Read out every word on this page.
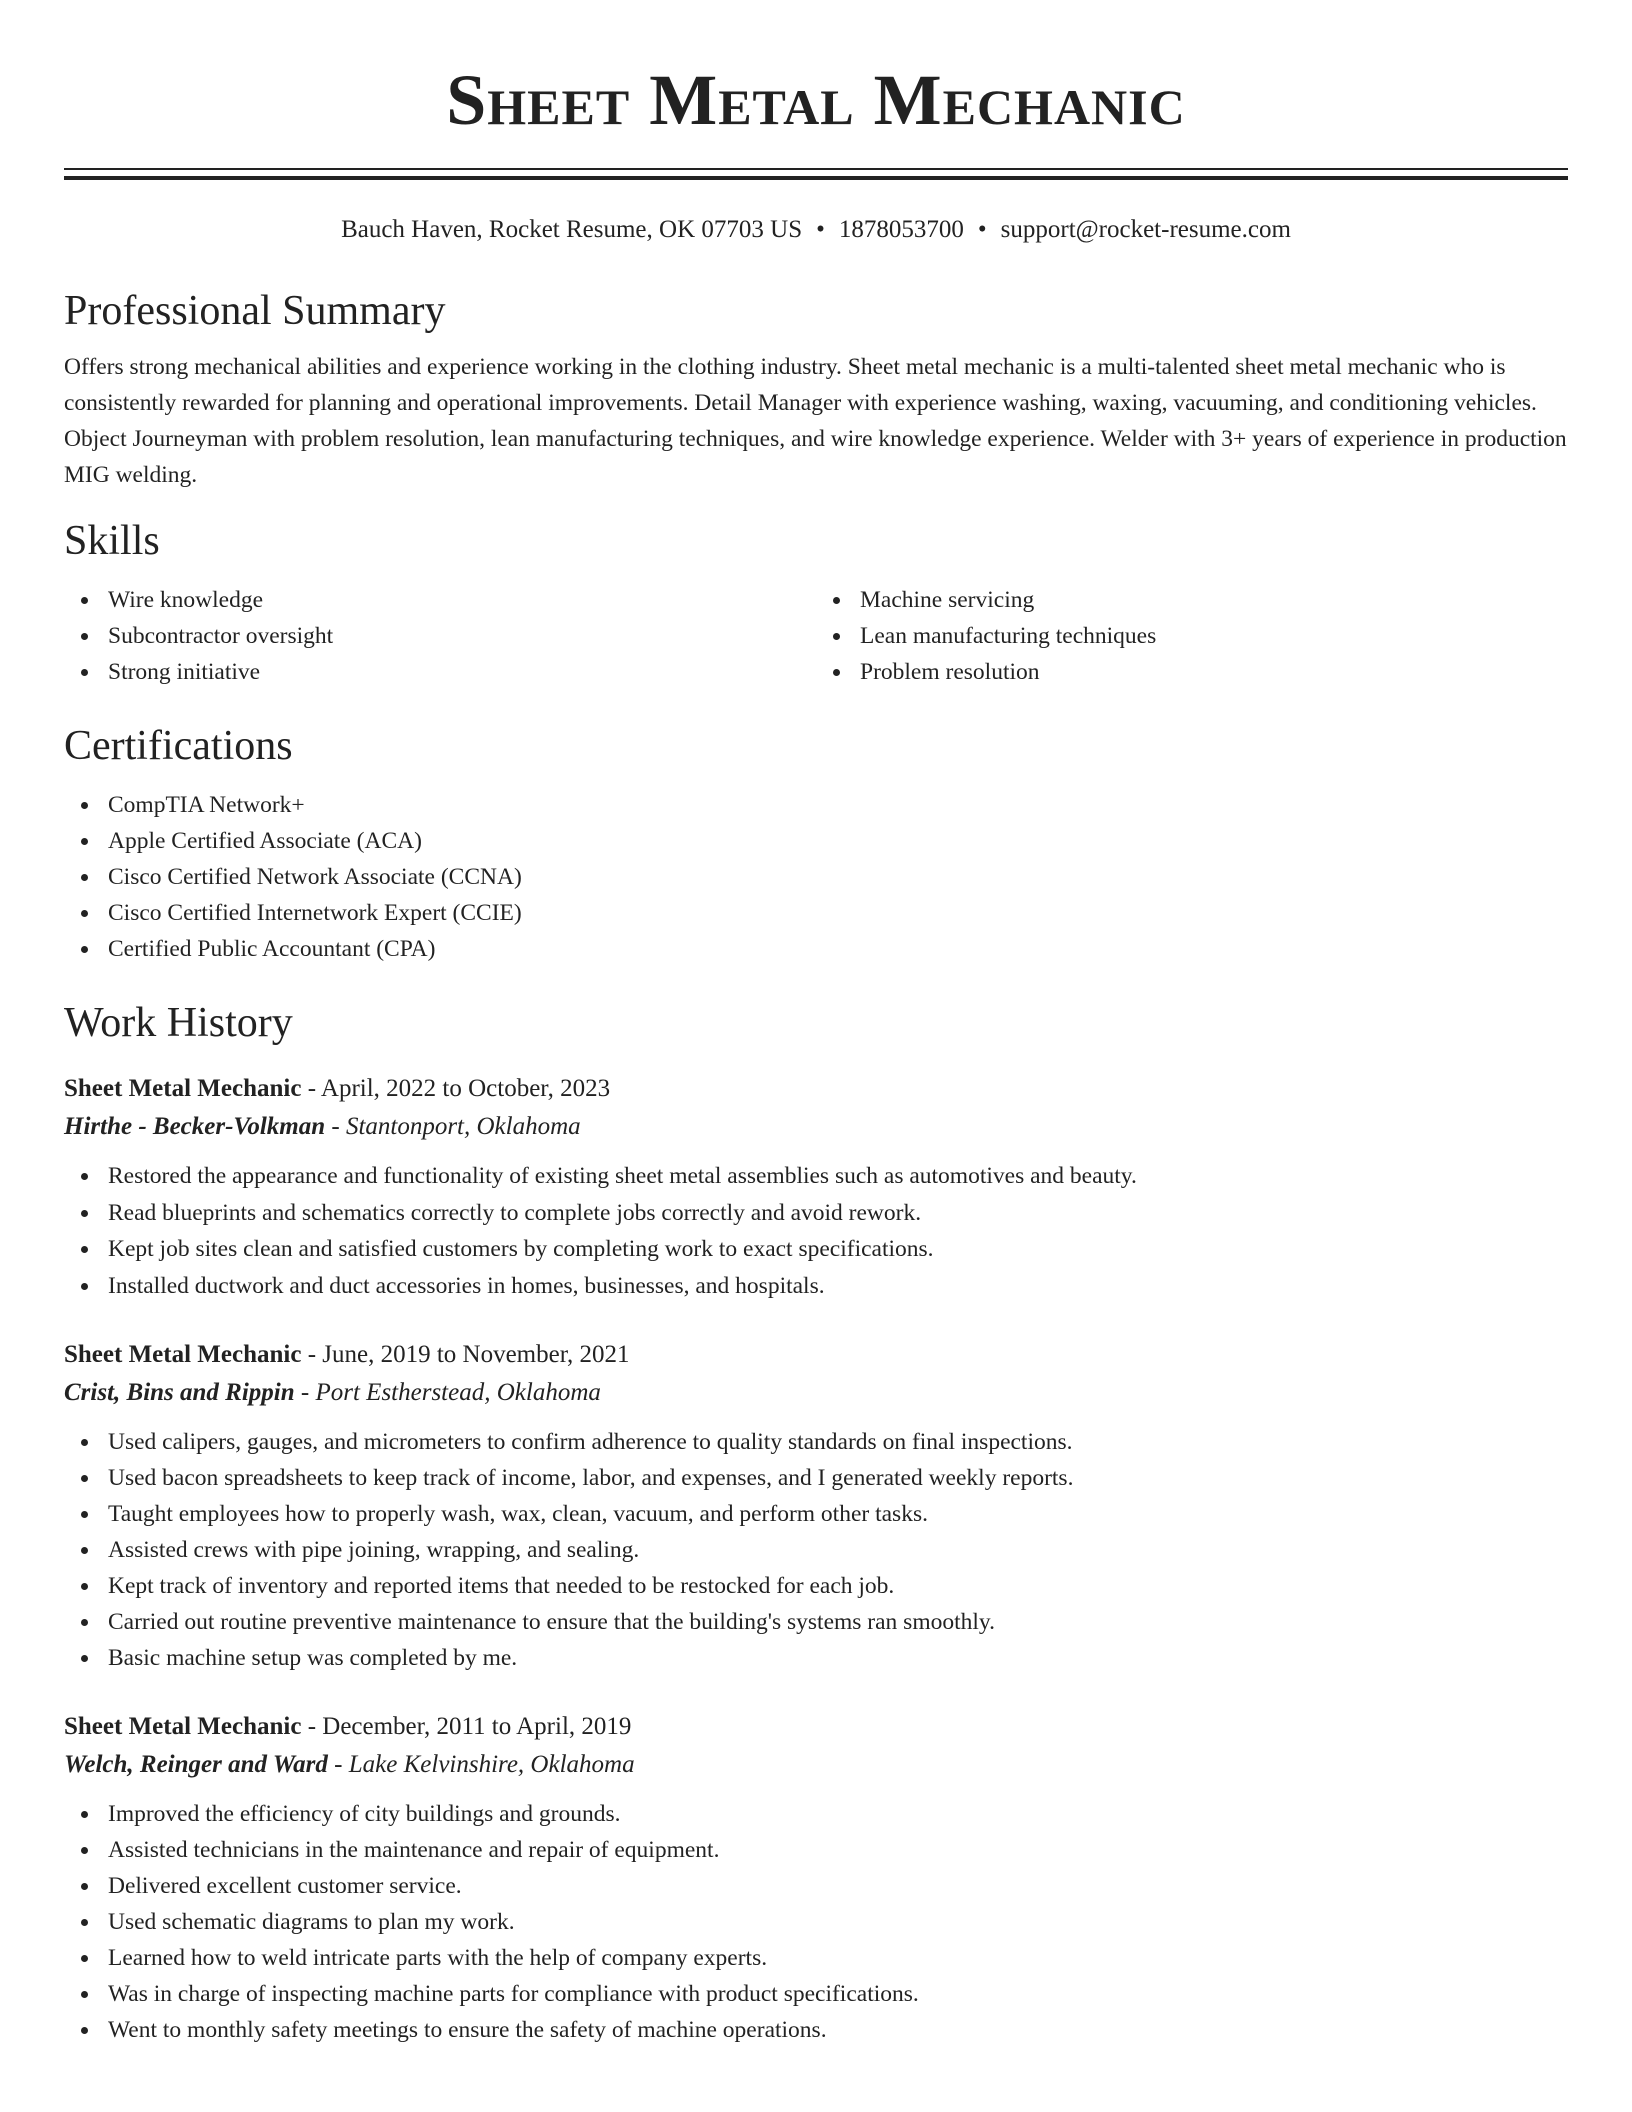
Sheet Metal Mechanic
Bauch Haven, Rocket Resume, OK 07703 US • 1878053700 • support@rocket-resume.com
Professional Summary
Offers strong mechanical abilities and experience working in the clothing industry. Sheet metal mechanic is a multi-talented sheet metal mechanic who is consistently rewarded for planning and operational improvements. Detail Manager with experience washing, waxing, vacuuming, and conditioning vehicles. Object Journeyman with problem resolution, lean manufacturing techniques, and wire knowledge experience. Welder with 3+ years of experience in production MIG welding.
Skills
Wire knowledge
Subcontractor oversight
Strong initiative
Machine servicing
Lean manufacturing techniques
Problem resolution
Certifications
CompTIA Network+
Apple Certified Associate (ACA)
Cisco Certified Network Associate (CCNA)
Cisco Certified Internetwork Expert (CCIE)
Certified Public Accountant (CPA)
Work History
Sheet Metal Mechanic - April, 2022 to October, 2023
Hirthe - Becker-Volkman - Stantonport, Oklahoma
Restored the appearance and functionality of existing sheet metal assemblies such as automotives and beauty.
Read blueprints and schematics correctly to complete jobs correctly and avoid rework.
Kept job sites clean and satisfied customers by completing work to exact specifications.
Installed ductwork and duct accessories in homes, businesses, and hospitals.
Sheet Metal Mechanic - June, 2019 to November, 2021
Crist, Bins and Rippin - Port Estherstead, Oklahoma
Used calipers, gauges, and micrometers to confirm adherence to quality standards on final inspections.
Used bacon spreadsheets to keep track of income, labor, and expenses, and I generated weekly reports.
Taught employees how to properly wash, wax, clean, vacuum, and perform other tasks.
Assisted crews with pipe joining, wrapping, and sealing.
Kept track of inventory and reported items that needed to be restocked for each job.
Carried out routine preventive maintenance to ensure that the building's systems ran smoothly.
Basic machine setup was completed by me.
Sheet Metal Mechanic - December, 2011 to April, 2019
Welch, Reinger and Ward - Lake Kelvinshire, Oklahoma
Improved the efficiency of city buildings and grounds.
Assisted technicians in the maintenance and repair of equipment.
Delivered excellent customer service.
Used schematic diagrams to plan my work.
Learned how to weld intricate parts with the help of company experts.
Was in charge of inspecting machine parts for compliance with product specifications.
Went to monthly safety meetings to ensure the safety of machine operations.
